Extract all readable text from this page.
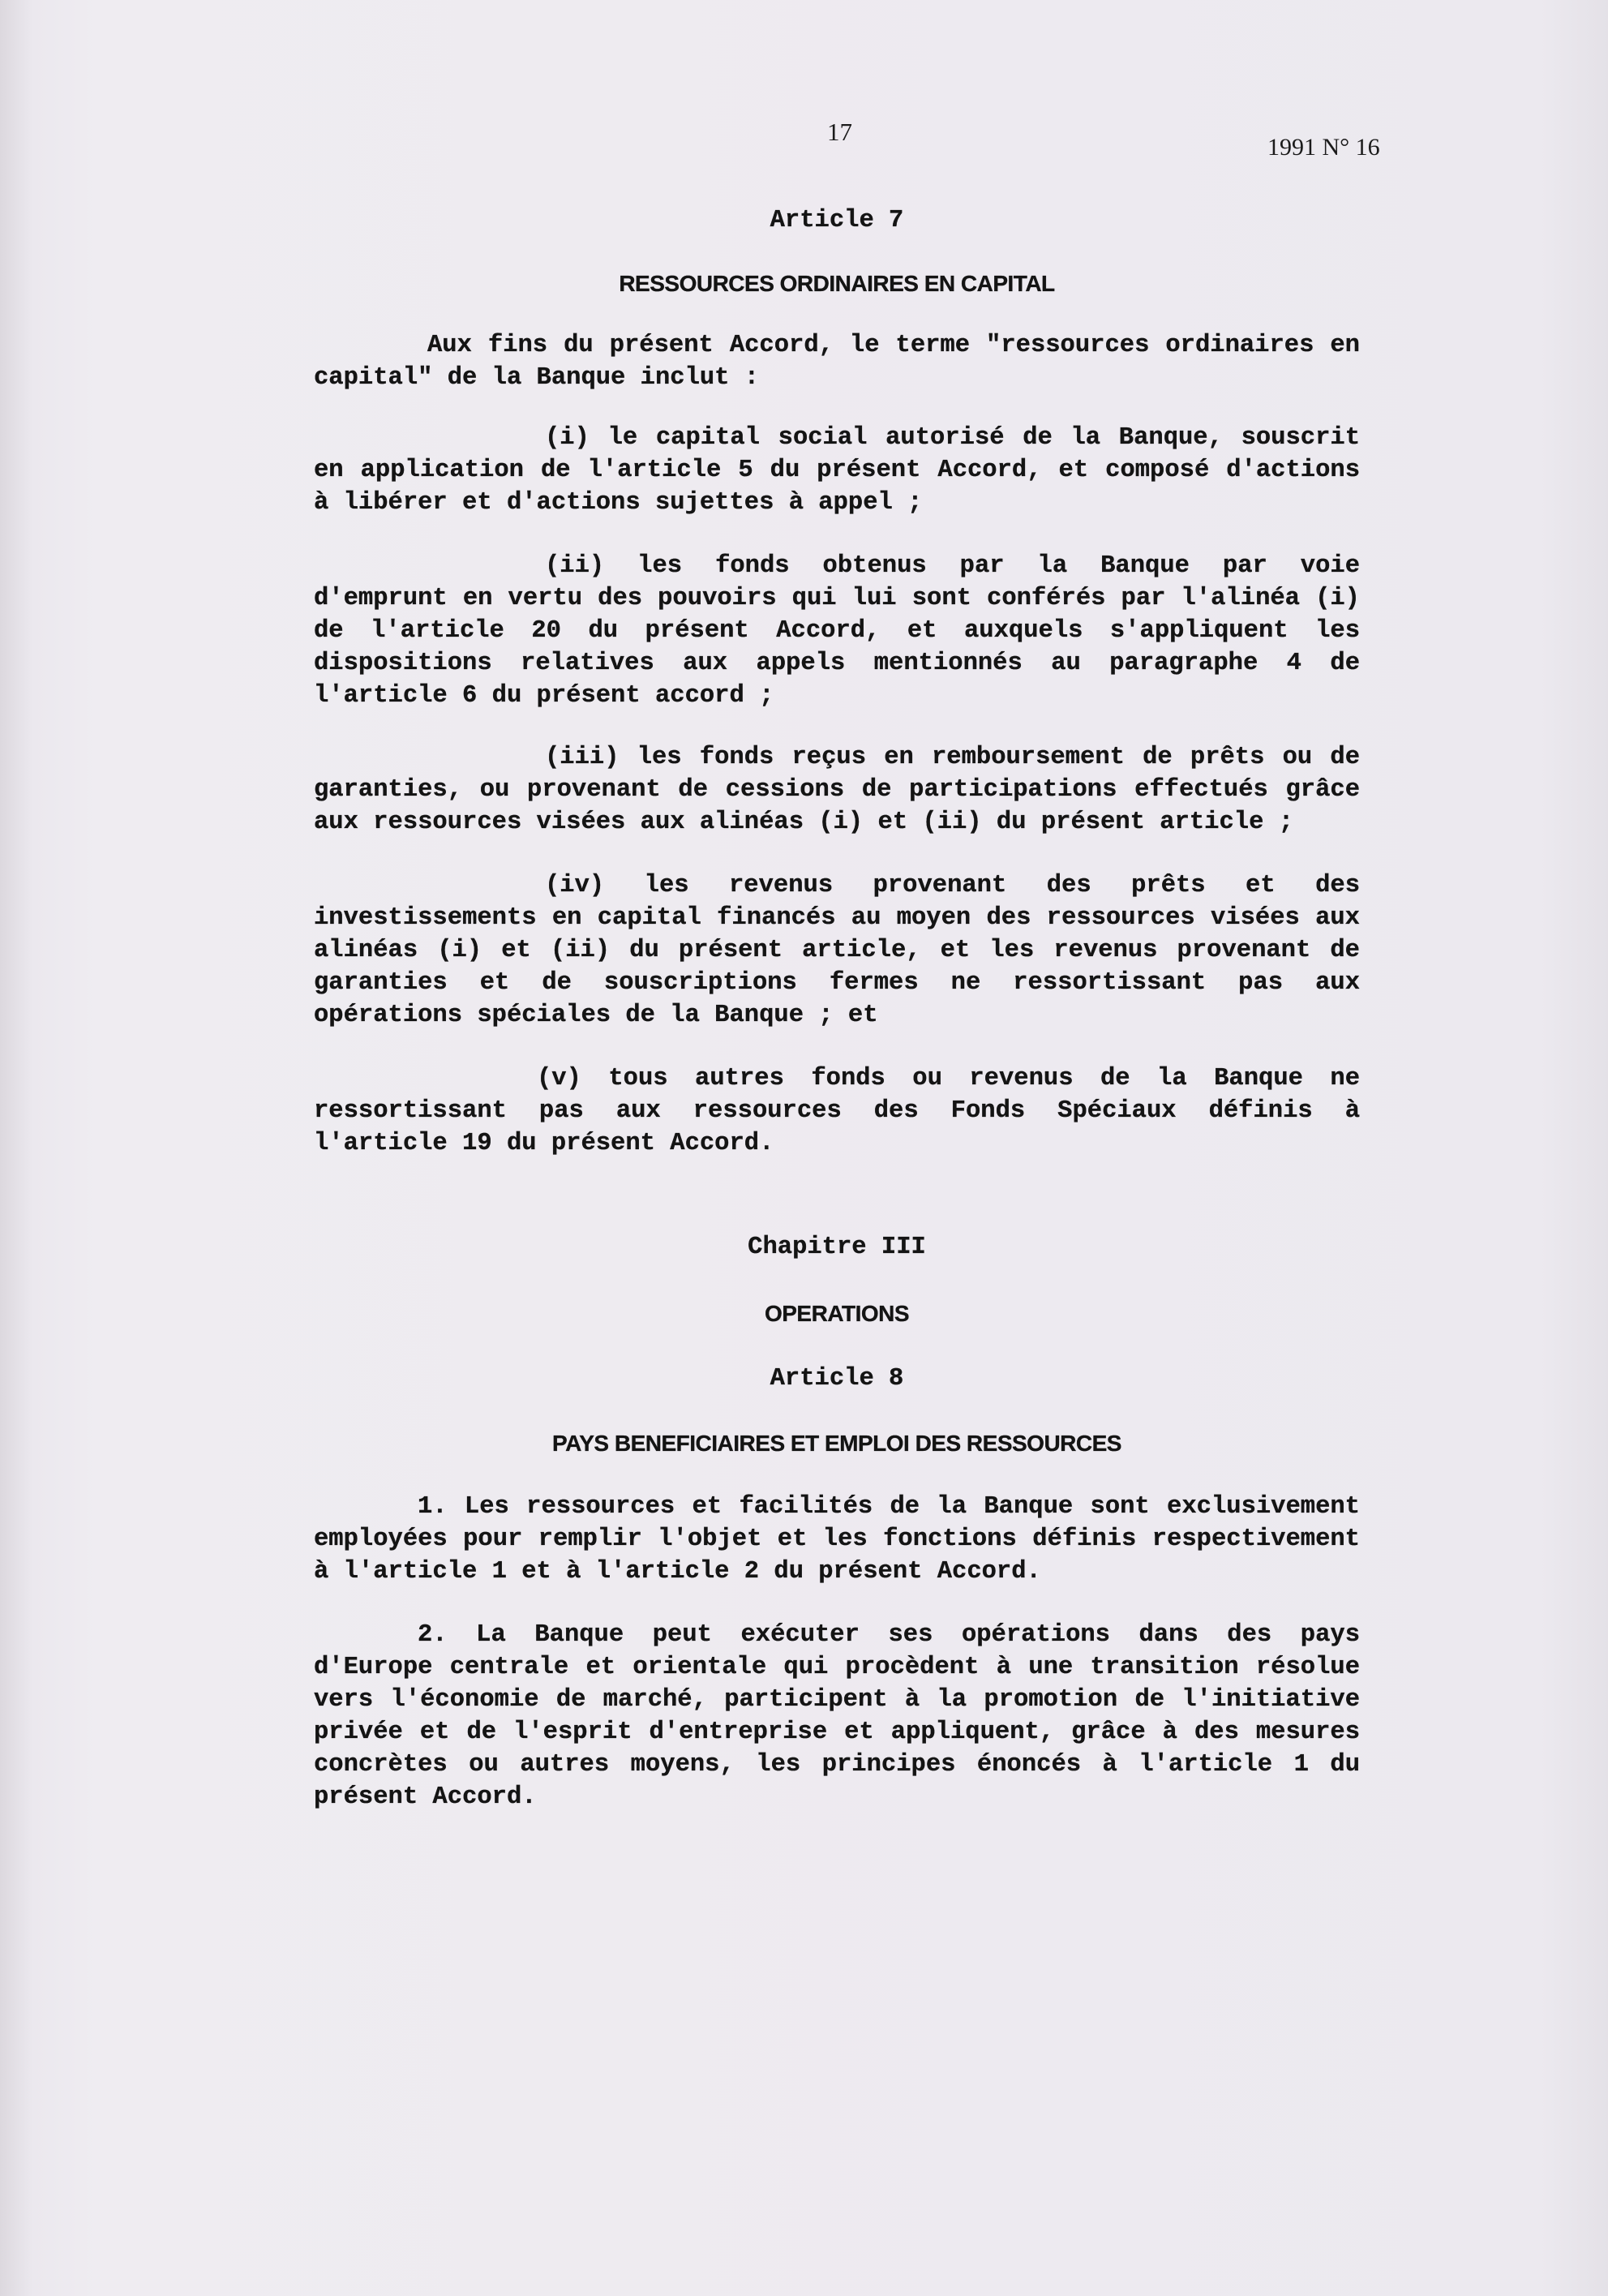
17
1991 N° 16

Article 7

RESSOURCES ORDINAIRES EN CAPITAL

Aux fins du présent Accord, le terme "ressources ordinaires en capital" de la Banque inclut :

(i) le capital social autorisé de la Banque, souscrit en application de l'article 5 du présent Accord, et composé d'actions à libérer et d'actions sujettes à appel ;

(ii) les fonds obtenus par la Banque par voie d'emprunt en vertu des pouvoirs qui lui sont conférés par l'alinéa (i) de l'article 20 du présent Accord, et auxquels s'appliquent les dispositions relatives aux appels mentionnés au paragraphe 4 de l'article 6 du présent accord ;

(iii) les fonds reçus en remboursement de prêts ou de garanties, ou provenant de cessions de participations effectués grâce aux ressources visées aux alinéas (i) et (ii) du présent article ;

(iv) les revenus provenant des prêts et des investissements en capital financés au moyen des ressources visées aux alinéas (i) et (ii) du présent article, et les revenus provenant de garanties et de souscriptions fermes ne ressortissant pas aux opérations spéciales de la Banque ; et

(v) tous autres fonds ou revenus de la Banque ne ressortissant pas aux ressources des Fonds Spéciaux définis à l'article 19 du présent Accord.

Chapitre III

OPERATIONS

Article 8

PAYS BENEFICIAIRES ET EMPLOI DES RESSOURCES

1. Les ressources et facilités de la Banque sont exclusivement employées pour remplir l'objet et les fonctions définis respectivement à l'article 1 et à l'article 2 du présent Accord.

2. La Banque peut exécuter ses opérations dans des pays d'Europe centrale et orientale qui procèdent à une transition résolue vers l'économie de marché, participent à la promotion de l'initiative privée et de l'esprit d'entreprise et appliquent, grâce à des mesures concrètes ou autres moyens, les principes énoncés à l'article 1 du présent Accord.
